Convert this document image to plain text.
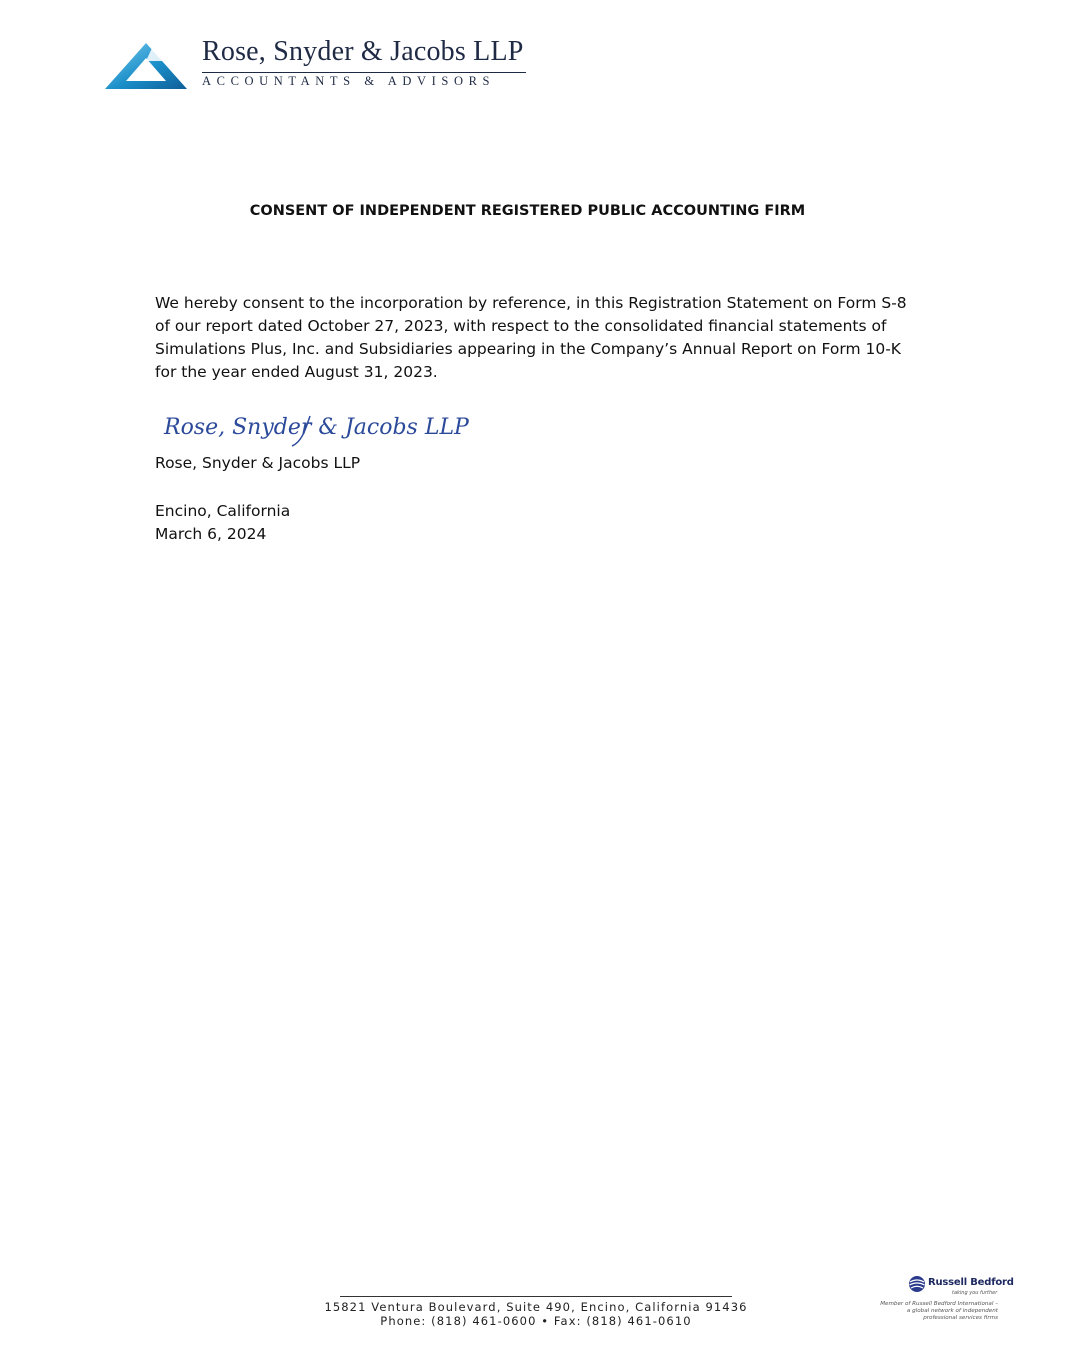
Rose, Snyder & Jacobs LLP
ACCOUNTANTS & ADVISORS
CONSENT OF INDEPENDENT REGISTERED PUBLIC ACCOUNTING FIRM

We hereby consent to the incorporation by reference, in this Registration Statement on Form S-8 of our report dated October 27, 2023, with respect to the consolidated financial statements of Simulations Plus, Inc. and Subsidiaries appearing in the Company’s Annual Report on Form 10-K for the year ended August 31, 2023.

Rose, Snyder & Jacobs LLP

Rose, Snyder & Jacobs LLP

Encino, California
March 6, 2024
15821 Ventura Boulevard, Suite 490, Encino, California 91436
Phone: (818) 461-0600 • Fax: (818) 461-0610
Russell Bedford
taking you further
Member of Russell Bedford International – a global network of independent professional services firms
